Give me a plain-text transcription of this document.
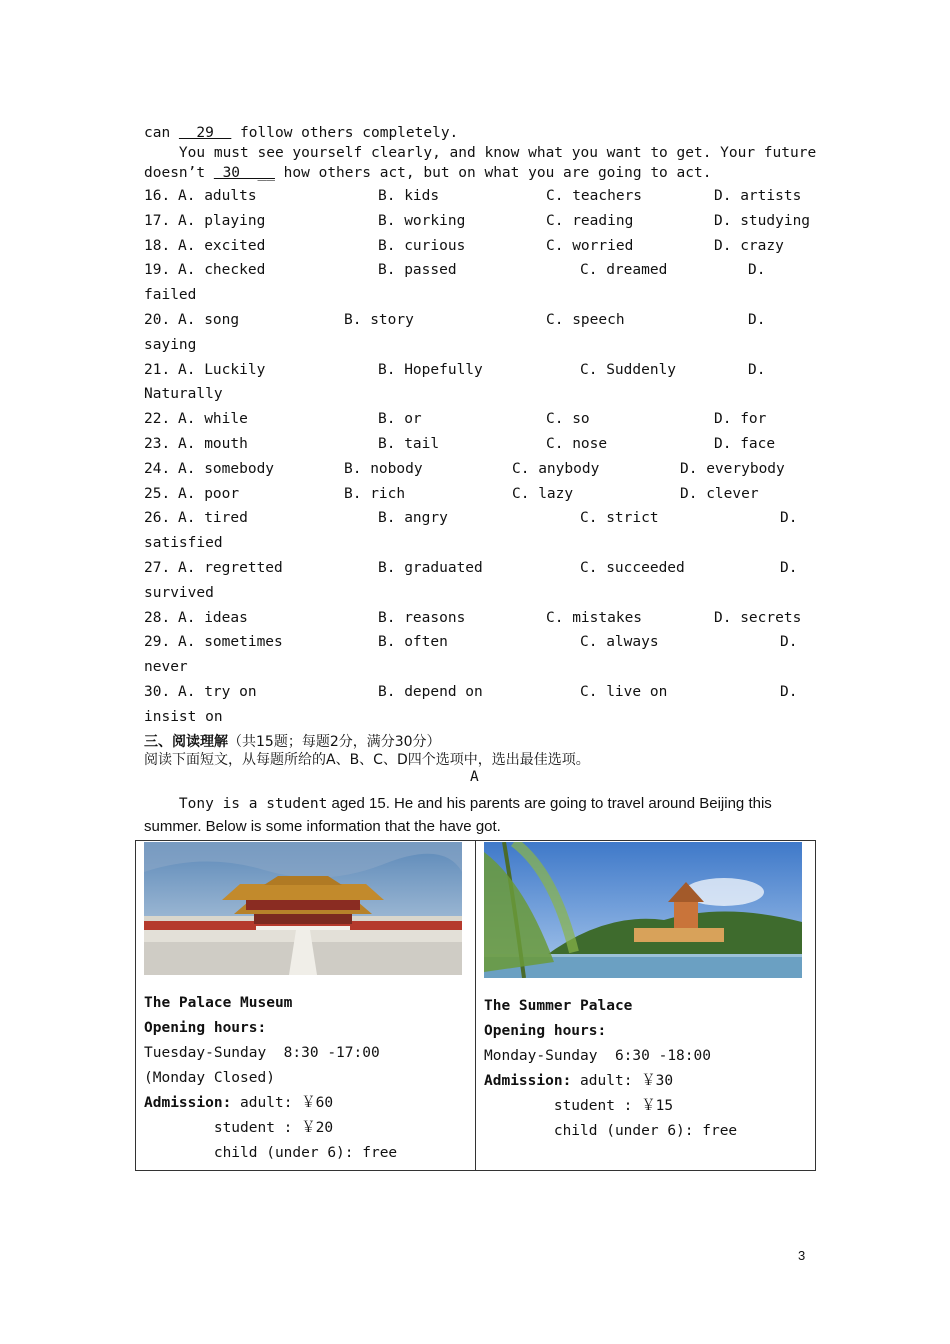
can   29   follow others completely.
You must see yourself clearly, and know what you want to get. Your future
doesn’t  30  __ how others act, but on what you are going to act.
16. A. adults	B. kids	C. teachers	D. artists
17. A. playing	B. working	C. reading	D. studying
18. A. excited	B. curious	C. worried	D. crazy
19. A. checked	B. passed	C. dreamed	D.
failed
20. A. song	B. story	C. speech	D.
saying
21. A. Luckily	B. Hopefully	C. Suddenly	D.
Naturally
22. A. while	B. or	C. so	D. for
23. A. mouth	B. tail	C. nose	D. face
24. A. somebody	B. nobody	C. anybody	D. everybody
25. A. poor	B. rich	C. lazy	D. clever
26. A. tired	B. angry	C. strict	D.
satisfied
27. A. regretted	B. graduated	C. succeeded	D.
survived
28. A. ideas	B. reasons	C. mistakes	D. secrets
29. A. sometimes	B. often	C. always	D.
never
30. A. try on	B. depend on	C. live on	D.
insist on
三、阅读理解（共15题；每题2分，满分30分）
阅读下面短文，从每题所给的A、B、C、D四个选项中，选出最佳选项。
A
Tony is a student aged 15. He and his parents are going to travel around Beijing this
summer. Below is some information that the have got.
The Palace Museum
Opening hours:
Tuesday-Sunday  8:30 -17:00
(Monday Closed)
Admission: adult: ￥60
student : ￥20
child (under 6): free

The Summer Palace
Opening hours:
Monday-Sunday  6:30 -18:00
Admission: adult: ￥30
student : ￥15
child (under 6): free
3
